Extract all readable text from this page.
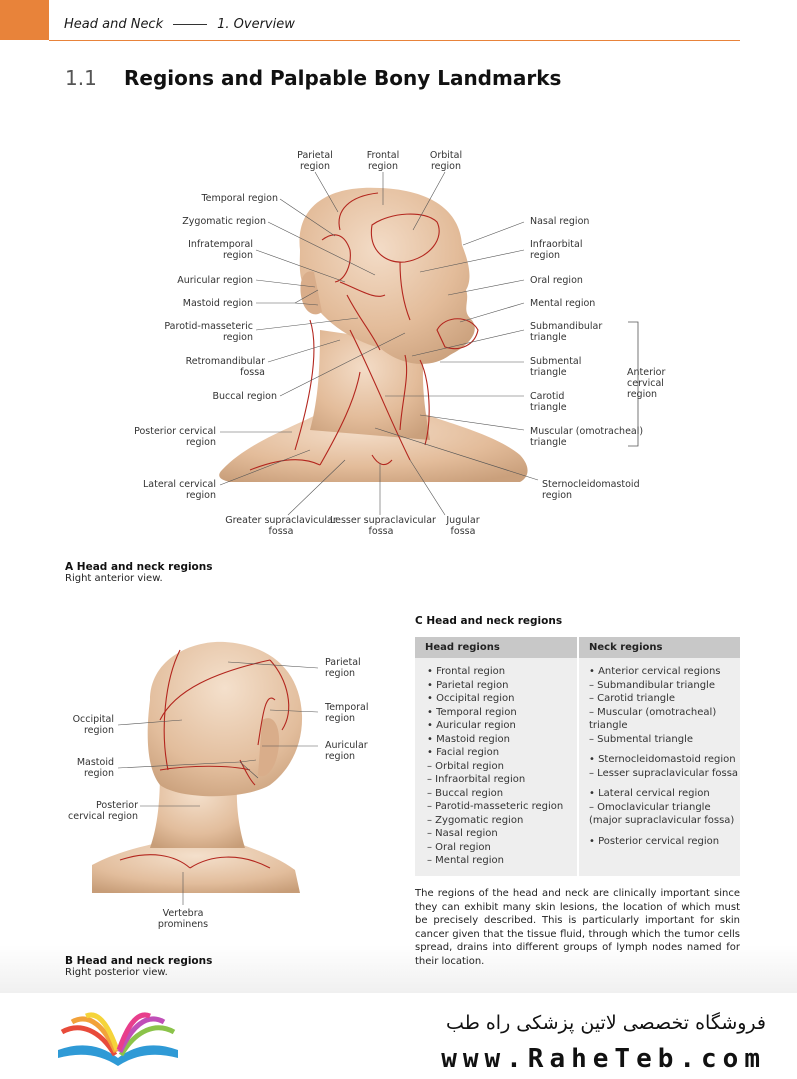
Head and Neck	1. Overview
1.1 Regions and Palpable Bony Landmarks
Parietal
region
Frontal
region
Orbital
region
Temporal region
Zygomatic region
Infratemporal
region
Auricular region
Mastoid region
Parotid-masseteric
region
Retromandibular
fossa
Buccal region
Posterior cervical
region
Lateral cervical
region
Greater supraclavicular
fossa
Lesser supraclavicular
fossa
Jugular
fossa
Nasal region
Infraorbital
region
Oral region
Mental region
Submandibular
triangle
Submental
triangle
Carotid
triangle
Muscular (omotracheal)
triangle
Sternocleidomastoid
region
Anterior
cervical
region
A Head and neck regions
Right anterior view.
Parietal
region
Temporal
region
Auricular
region
Occipital
region
Mastoid
region
Posterior
cervical region
Vertebra
prominens
B Head and neck regions
Right posterior view.
C Head and neck regions
Head regions	Neck regions
• Frontal region
• Parietal region
• Occipital region
• Temporal region
• Auricular region
• Mastoid region
• Facial region
– Orbital region
– Infraorbital region
– Buccal region
– Parotid-masseteric region
– Zygomatic region
– Nasal region
– Oral region
– Mental region
• Anterior cervical regions
– Submandibular triangle
– Carotid triangle
– Muscular (omotracheal)
triangle
– Submental triangle
• Sternocleidomastoid region
– Lesser supraclavicular fossa
• Lateral cervical region
– Omoclavicular triangle
(major supraclavicular fossa)
• Posterior cervical region
The regions of the head and neck are clinically important since they can exhibit many skin lesions, the location of which must be precisely described. This is particularly important for skin cancer given that the tissue fluid, through which the tumor cells spread, drains into different groups of lymph nodes named for their location.
فروشگاه تخصصی لاتین پزشکی راه طب
www.RaheTeb.com
